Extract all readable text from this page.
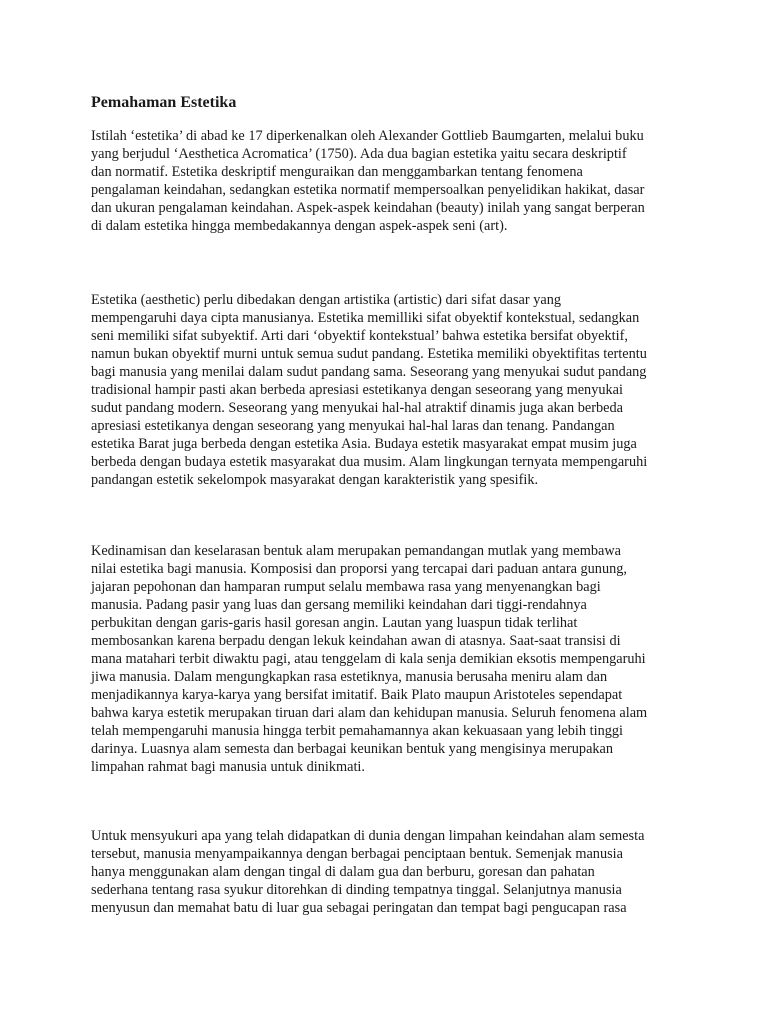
Pemahaman Estetika

Istilah ‘estetika’ di abad ke 17 diperkenalkan oleh Alexander Gottlieb Baumgarten, melalui buku
yang berjudul ‘Aesthetica Acromatica’ (1750). Ada dua bagian estetika yaitu secara deskriptif
dan normatif. Estetika deskriptif menguraikan dan menggambarkan tentang fenomena
pengalaman keindahan, sedangkan estetika normatif mempersoalkan penyelidikan hakikat, dasar
dan ukuran pengalaman keindahan. Aspek-aspek keindahan (beauty) inilah yang sangat berperan
di dalam estetika hingga membedakannya dengan aspek-aspek seni (art).

Estetika (aesthetic) perlu dibedakan dengan artistika (artistic) dari sifat dasar yang
mempengaruhi daya cipta manusianya. Estetika memilliki sifat obyektif kontekstual, sedangkan
seni memiliki sifat subyektif. Arti dari ‘obyektif kontekstual’ bahwa estetika bersifat obyektif,
namun bukan obyektif murni untuk semua sudut pandang. Estetika memiliki obyektifitas tertentu
bagi manusia yang menilai dalam sudut pandang sama. Seseorang yang menyukai sudut pandang
tradisional hampir pasti akan berbeda apresiasi estetikanya dengan seseorang yang menyukai
sudut pandang modern. Seseorang yang menyukai hal-hal atraktif dinamis juga akan berbeda
apresiasi estetikanya dengan seseorang yang menyukai hal-hal laras dan tenang. Pandangan
estetika Barat juga berbeda dengan estetika Asia. Budaya estetik masyarakat empat musim juga
berbeda dengan budaya estetik masyarakat dua musim. Alam lingkungan ternyata mempengaruhi
pandangan estetik sekelompok masyarakat dengan karakteristik yang spesifik.

Kedinamisan dan keselarasan bentuk alam merupakan pemandangan mutlak yang membawa
nilai estetika bagi manusia. Komposisi dan proporsi yang tercapai dari paduan antara gunung,
jajaran pepohonan dan hamparan rumput selalu membawa rasa yang menyenangkan bagi
manusia. Padang pasir yang luas dan gersang memiliki keindahan dari tiggi-rendahnya
perbukitan dengan garis-garis hasil goresan angin. Lautan yang luaspun tidak terlihat
membosankan karena berpadu dengan lekuk keindahan awan di atasnya. Saat-saat transisi di
mana matahari terbit diwaktu pagi, atau tenggelam di kala senja demikian eksotis mempengaruhi
jiwa manusia. Dalam mengungkapkan rasa estetiknya, manusia berusaha meniru alam dan
menjadikannya karya-karya yang bersifat imitatif. Baik Plato maupun Aristoteles sependapat
bahwa karya estetik merupakan tiruan dari alam dan kehidupan manusia. Seluruh fenomena alam
telah mempengaruhi manusia hingga terbit pemahamannya akan kekuasaan yang lebih tinggi
darinya. Luasnya alam semesta dan berbagai keunikan bentuk yang mengisinya merupakan
limpahan rahmat bagi manusia untuk dinikmati.

Untuk mensyukuri apa yang telah didapatkan di dunia dengan limpahan keindahan alam semesta
tersebut, manusia menyampaikannya dengan berbagai penciptaan bentuk. Semenjak manusia
hanya menggunakan alam dengan tingal di dalam gua dan berburu, goresan dan pahatan
sederhana tentang rasa syukur ditorehkan di dinding tempatnya tinggal. Selanjutnya manusia
menyusun dan memahat batu di luar gua sebagai peringatan dan tempat bagi pengucapan rasa
